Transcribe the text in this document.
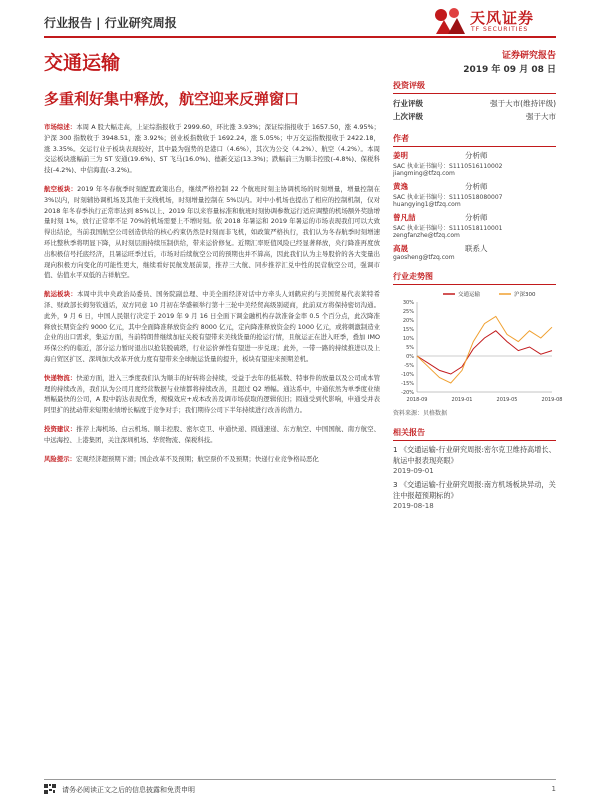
行业报告 | 行业研究周报	天风证券
TF SECURITIES
交通运输	证券研究报告
2019 年 09 月 08 日
多重利好集中释放，航空迎来反弹窗口
市场综述：本周 A 股大幅走高，上证综指报收于 2999.60，环比涨 3.93%；深证综指报收于 1657.50，涨 4.95%；沪深 300 指数收于 3948.51，涨 3.92%；创业板指数收于 1692.24，涨 5.05%；中万交运指数报收于 2422.18，涨 3.35%。交运行业子板块表现较好，其中最为强势的是港口（4.6%），其次为公交（4.2%）、航空（4.2%）。本周交运板块涨幅前三为 ST 安通(19.6%)、ST 飞马(16.0%)、德新交运(13.3%)；跌幅前三为顺丰控股(-4.8%)、保税科技(-4.2%)、中信海直(-3.2%)。
航空板块：2019 年冬春航季时刻配置政策出台，继续严格控制 22 个航班时刻主协调机场的时刻增量，增量控制在 3%以内，时刻辅协调机场及其他干支线机场，时刻增量控制在 5%以内。对中小机场也提出了相应的控制机制，仅对 2018 年冬春季执行正常率达到 85%以上、2019 年以来容量标准和航班时刻协调参数运行适应调整的机场额外奖励增量时刻 1%，放行正常率不足 70%的机场需要上不增时刻。依 2018 年暑运和 2019 年暑运的市场表现我们可以大致得出结论，当前我国航空公司创造供给的核心约束仍然是时刻而非飞机，如政策严格执行，我们认为冬春航季时刻增速环比整秋季将明显下降，从时刻层面持续压制供给，带来运价修复。近期汇率贬值风险已经显著释放，央行降准再度放出积极信号托底经济，且暑运旺季过后，市场对后续航空公司的预期也并不算高，因此我们认为主导股价的各大变量出现向积极方向变化的可能性更大，继续看好民航发展前景，推荐三大航、同步推荐汇兑中性的民营航空公司，强调市值、估值水平双低的吉祥航空。
航运板块：本周中共中央政治局委员、国务院副总理、中美全面经济对话中方牵头人刘鹤应约与美国贸易代表莱特希泽、财政部长姆努钦通话，双方同意 10 月初在华盛顿举行第十三轮中美经贸高级别磋商，此前双方将保持密切沟通。此外，9 月 6 日，中国人民银行决定于 2019 年 9 月 16 日全面下调金融机构存款准备金率 0.5 个百分点，此次降准释放长期资金约 9000 亿元，其中全面降准释放资金约 8000 亿元，定向降准释放资金约 1000 亿元，或将刺激制造业企业的出口需求，集运方面，当前特朗普继续加征关税有望带来美线货量的抢运行情，且航运正在进入旺季，叠加 IMO 环保公约的临近，部分运力暂时退出以抢装脱硫塔，行业运价弹性有望进一步兑现；此外，一带一路的持续推进以及上海自贸区扩区、深圳加大改革开放力度有望带来全球航运货量的提升，板块有望迎来预期差机。
快递物流：快递方面，进入三季度我们认为顺丰的好转将会持续，受益于去年的低基数、特事件的放量以及公司成本管理的持续改善，我们认为公司月度经营数据与业绩都将持续改善，且超过 Q2 增幅。通达系中，中通依然为单季度业绩增幅最快的公司，A 股中韵达表现优秀，规模效应+成本改善及调市场获取的逻辑依旧；圆通受到代影响，申通受并表阿里扩的扰动带来短期业绩增长幅度于竞争对手；我们期待公司下半年持续进行改善的潜力。
投资建议：推荐上海机场、白云机场、顺丰控股、密尔克卫、申通快递、圆通速递、东方航空、中国国航、南方航空、中远海控、上港集团，关注深圳机场、华贸物流、保税科技。
风险提示：宏观经济超预期下滑；国企改革不及预期；航空票价不及预期；快递行业竞争格局恶化
投资评级
行业评级	强于大市(维持评级)
上次评级	强于大市
作者
姜明	分析师
SAC 执业证书编号：S1110516110002
jiangming@tfzq.com
黄逸	分析师
SAC 执业证书编号：S1110518080007
huangying1@tfzq.com
曾凡喆	分析师
SAC 执业证书编号：S1110518110001
zengfanzhe@tfzq.com
高晟	联系人
gaosheng@tfzq.com
行业走势图
30%
25%
20%
15%
10%
5%
0%
-5%
-10%
-15%
-20%
2018-09	2019-01	2019-05	2019-08
交通运输	沪深300
资料来源：贝格数据
相关报告
1 《交通运输-行业研究周报:密尔克卫维持高增长、航运中报表现亮眼》
2019-09-01
3 《交通运输-行业研究周报:南方机场板块异动，关注中报超预期标的》
2019-08-18
请务必阅读正文之后的信息披露和免责申明	1
